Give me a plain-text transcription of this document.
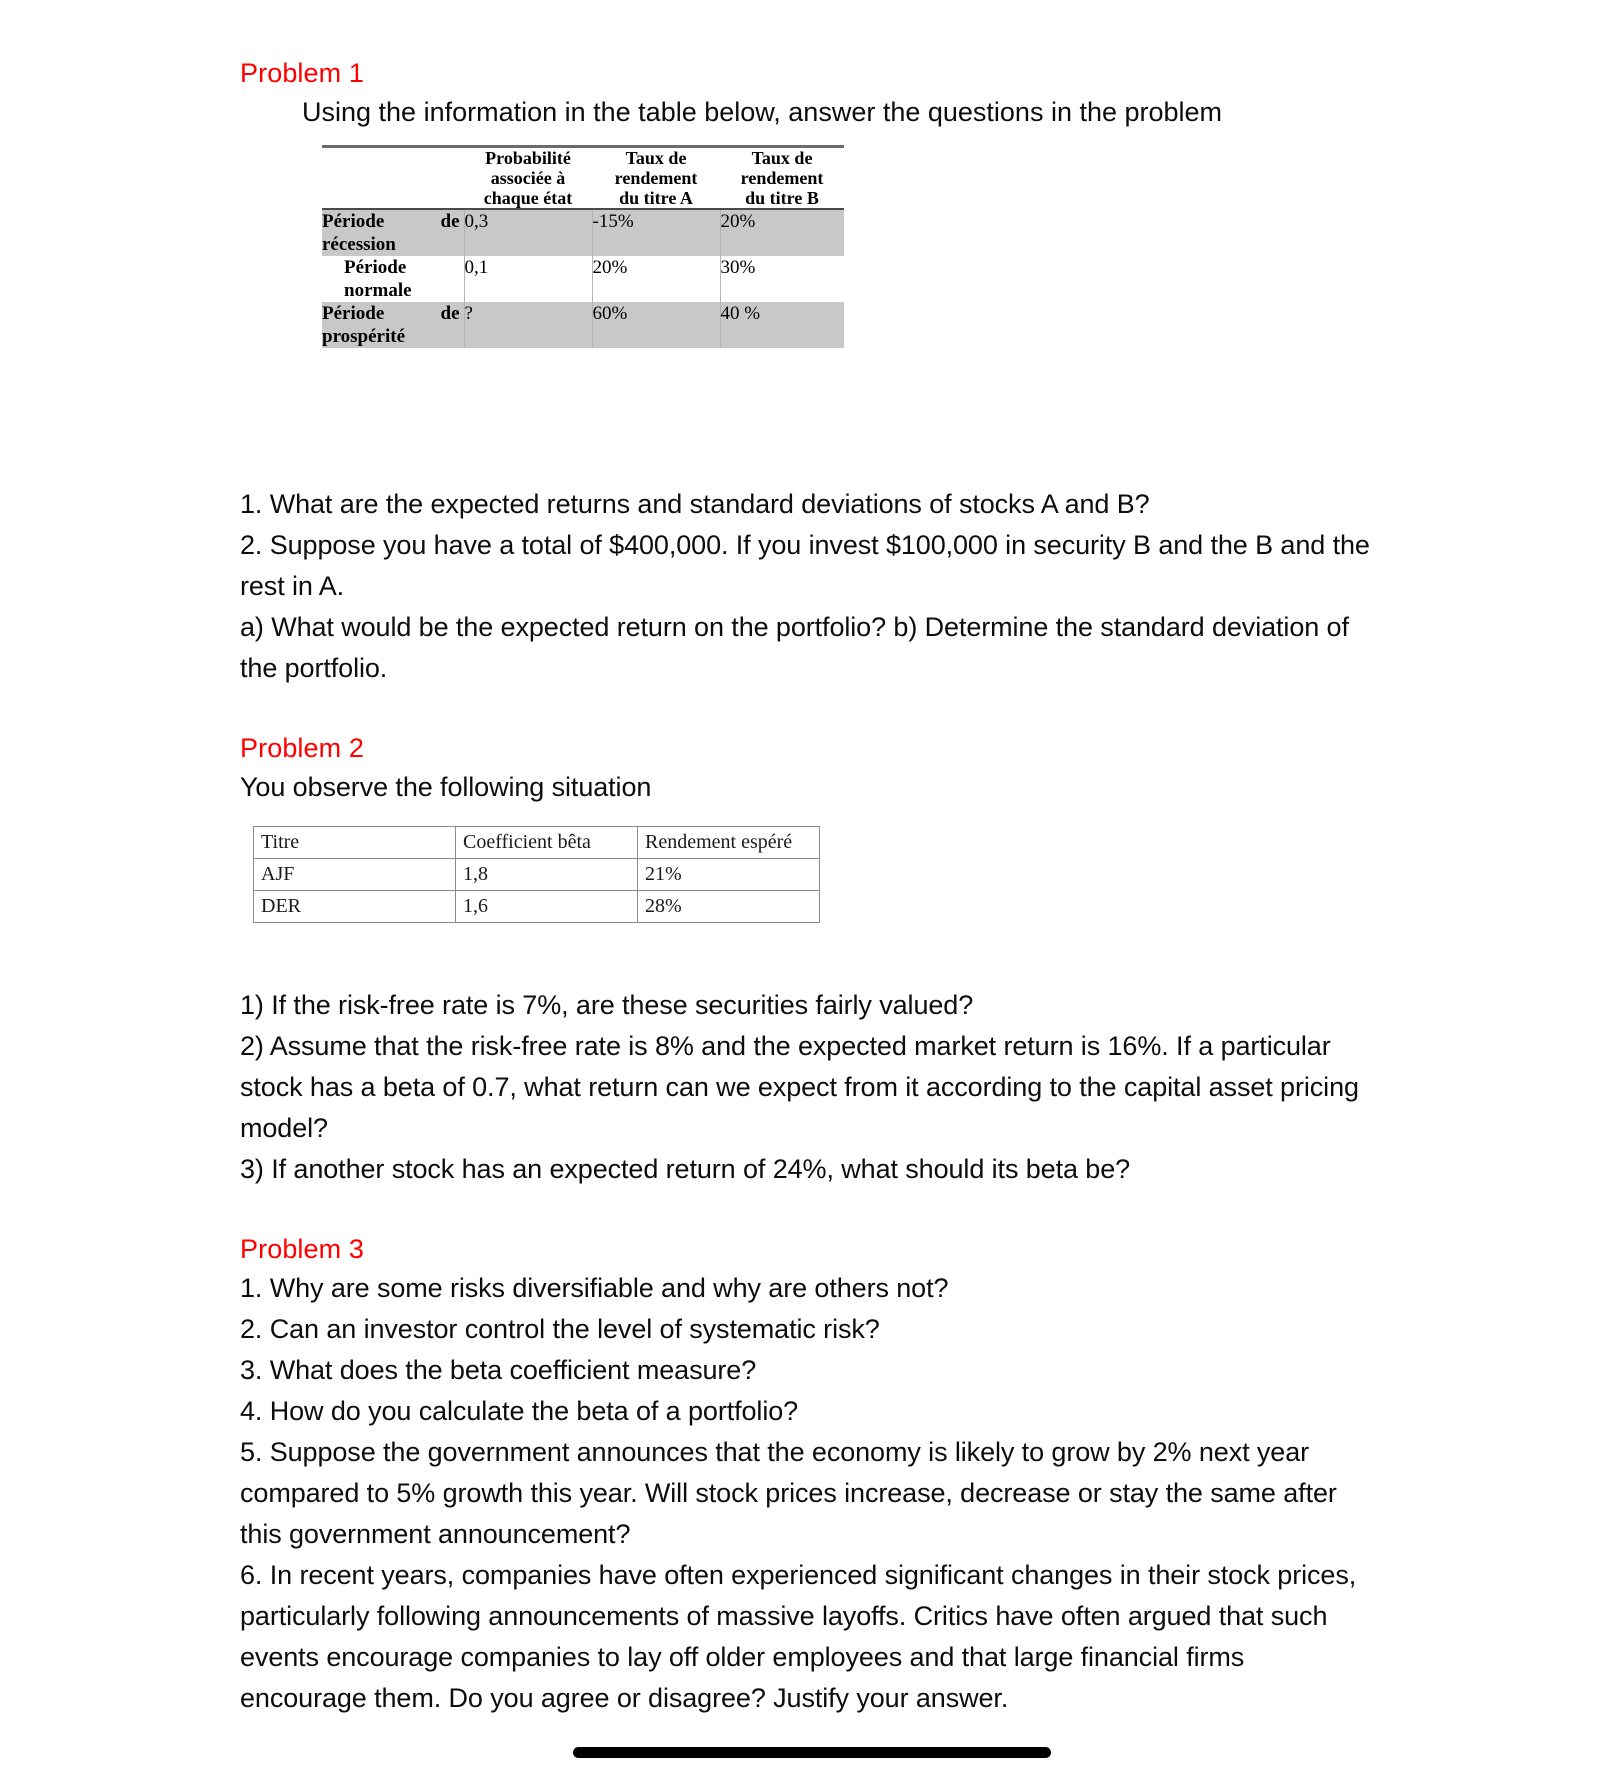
Problem 1
Using the information in the table below, answer the questions in the problem
	Probabilité
associée à
chaque état	Taux de
rendement
du titre A	Taux de
rendement
du titre B

Période de
récession	0,3	-15%	20%

Période
normale	0,1	20%	30%

Période de
prospérité	?	60%	40 %
1. What are the expected returns and standard deviations of stocks A and B?
2. Suppose you have a total of $400,000. If you invest $100,000 in security B and the B and the rest in A.
a) What would be the expected return on the portfolio? b) Determine the standard deviation of the portfolio.
Problem 2
You observe the following situation
Titre	Coefficient bêta	Rendement espéré
AJF	1,8	21%
DER	1,6	28%
1) If the risk-free rate is 7%, are these securities fairly valued?
2) Assume that the risk-free rate is 8% and the expected market return is 16%. If a particular stock has a beta of 0.7, what return can we expect from it according to the capital asset pricing model?
3) If another stock has an expected return of 24%, what should its beta be?
Problem 3
1. Why are some risks diversifiable and why are others not?
2. Can an investor control the level of systematic risk?
3. What does the beta coefficient measure?
4. How do you calculate the beta of a portfolio?
5. Suppose the government announces that the economy is likely to grow by 2% next year compared to 5% growth this year. Will stock prices increase, decrease or stay the same after this government announcement?
6. In recent years, companies have often experienced significant changes in their stock prices, particularly following announcements of massive layoffs. Critics have often argued that such events encourage companies to lay off older employees and that large financial firms encourage them. Do you agree or disagree? Justify your answer.
